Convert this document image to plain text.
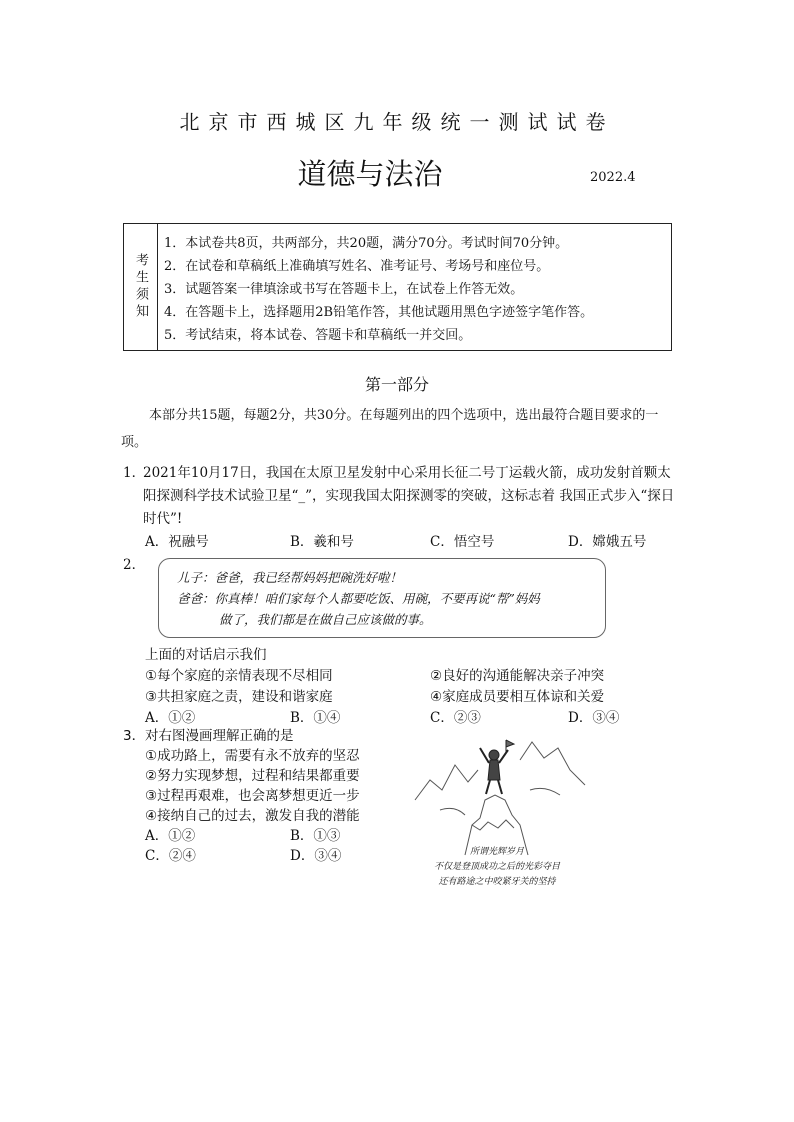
北京市西城区九年级统一测试试卷
道德与法治	2022.4
考生须知
1．本试卷共8页，共两部分，共20题，满分70分。考试时间70分钟。
2．在试卷和草稿纸上准确填写姓名、准考证号、考场号和座位号。
3．试题答案一律填涂或书写在答题卡上，在试卷上作答无效。
4．在答题卡上，选择题用2B铅笔作答，其他试题用黑色字迹签字笔作答。
5．考试结束，将本试卷、答题卡和草稿纸一并交回。
第一部分
本部分共15题，每题2分，共30分。在每题列出的四个选项中，选出最符合题目要求的一项。
1．
2021年10月17日，我国在太原卫星发射中心采用长征二号丁运载火箭，成功发射首颗太阳探测科学技术试验卫星“_”，实现我国太阳探测零的突破，这标志着 我国正式步入“探日时代”!
A．祝融号	B．羲和号	C．悟空号	D．嫦娥五号
2．

儿子：爸爸，我已经帮妈妈把碗洗好啦！

爸爸：你真棒！咱们家每个人都要吃饭、用碗，不要再说“帮”妈妈

做了，我们都是在做自己应该做的事。

上面的对话启示我们
①每个家庭的亲情表现不尽相同	②良好的沟通能解决亲子冲突
③共担家庭之责，建设和谐家庭	④家庭成员要相互体谅和关爱
A．①②	B．①④	C．②③	D．③④
3． 对右图漫画理解正确的是
①成功路上，需要有永不放弃的坚忍
②努力实现梦想，过程和结果都重要
③过程再艰难，也会离梦想更近一步
④接纳自己的过去，激发自我的潜能
A．①②	B．①③
C．②④	D．③④	所谓光辉岁月
不仅是登顶成功之后的光彩夺目
还有路途之中咬紧牙关的坚持
